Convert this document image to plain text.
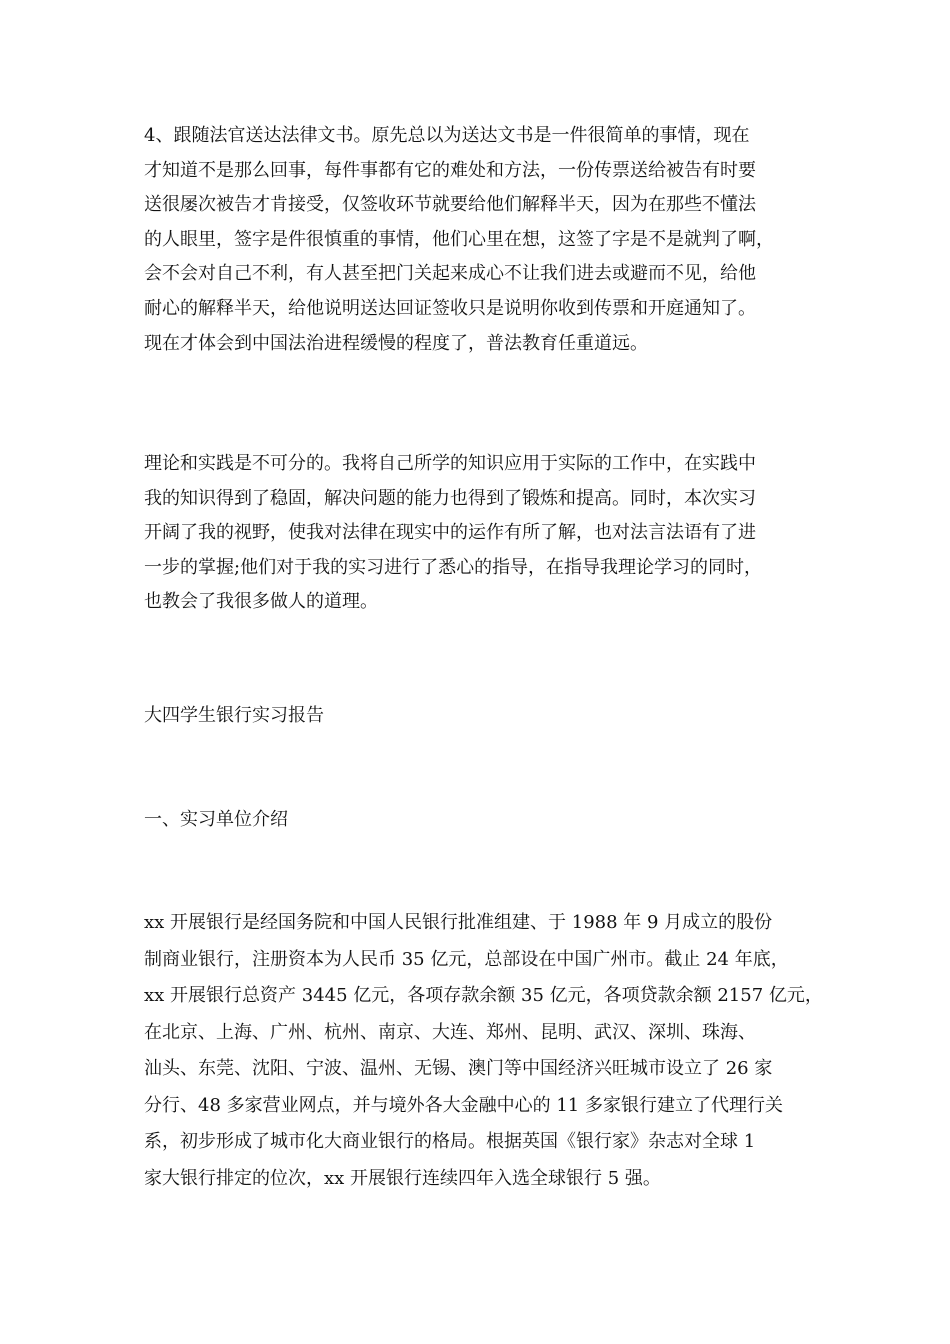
4、跟随法官送达法律文书。原先总以为送达文书是一件很简单的事情，现在
才知道不是那么回事，每件事都有它的难处和方法，一份传票送给被告有时要
送很屡次被告才肯接受，仅签收环节就要给他们解释半天，因为在那些不懂法
的人眼里，签字是件很慎重的事情，他们心里在想，这签了字是不是就判了啊，
会不会对自己不利，有人甚至把门关起来成心不让我们进去或避而不见，给他
耐心的解释半天，给他说明送达回证签收只是说明你收到传票和开庭通知了。
现在才体会到中国法治进程缓慢的程度了，普法教育任重道远。
理论和实践是不可分的。我将自己所学的知识应用于实际的工作中，在实践中
我的知识得到了稳固，解决问题的能力也得到了锻炼和提高。同时，本次实习
开阔了我的视野，使我对法律在现实中的运作有所了解，也对法言法语有了进
一步的掌握;他们对于我的实习进行了悉心的指导，在指导我理论学习的同时，
也教会了我很多做人的道理。
大四学生银行实习报告
一、实习单位介绍
xx 开展银行是经国务院和中国人民银行批准组建、于 1988 年 9 月成立的股份
制商业银行，注册资本为人民币 35 亿元，总部设在中国广州市。截止 24 年底，
xx 开展银行总资产 3445 亿元，各项存款余额 35 亿元，各项贷款余额 2157 亿元，
在北京、上海、广州、杭州、南京、大连、郑州、昆明、武汉、深圳、珠海、
汕头、东莞、沈阳、宁波、温州、无锡、澳门等中国经济兴旺城市设立了 26 家
分行、48 多家营业网点，并与境外各大金融中心的 11 多家银行建立了代理行关
系，初步形成了城市化大商业银行的格局。根据英国《银行家》杂志对全球 1
家大银行排定的位次，xx 开展银行连续四年入选全球银行 5 强。
